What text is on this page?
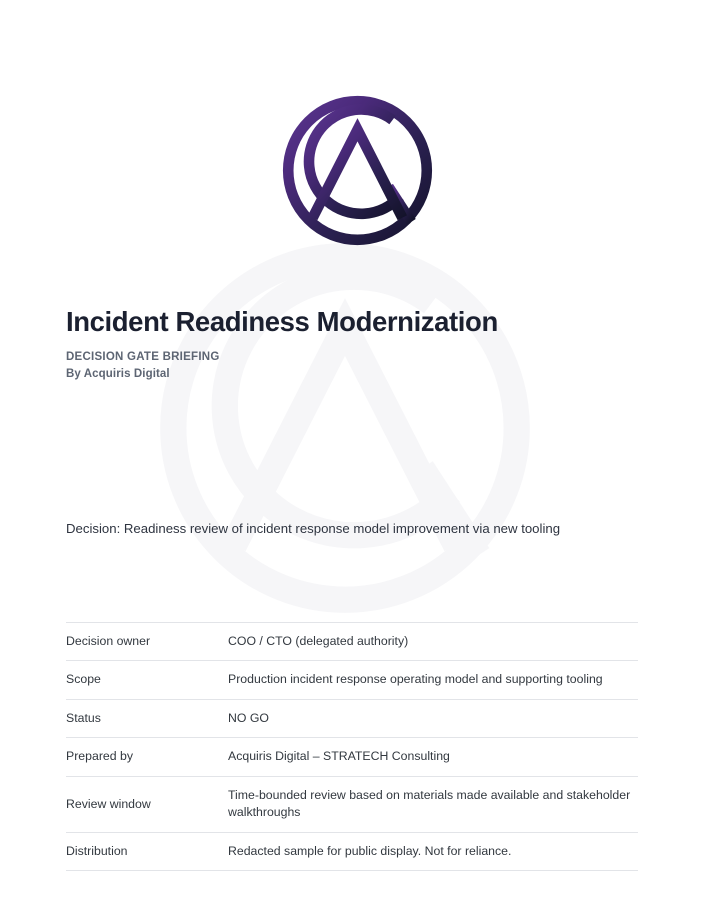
Incident Readiness Modernization
DECISION GATE BRIEFING
By Acquiris Digital
Decision: Readiness review of incident response model improvement via new tooling
Decision owner	COO / CTO (delegated authority)
Scope	Production incident response operating model and supporting tooling
Status	NO GO
Prepared by	Acquiris Digital – STRATECH Consulting
Review window	Time-bounded review based on materials made available and stakeholder walkthroughs
Distribution	Redacted sample for public display. Not for reliance.
